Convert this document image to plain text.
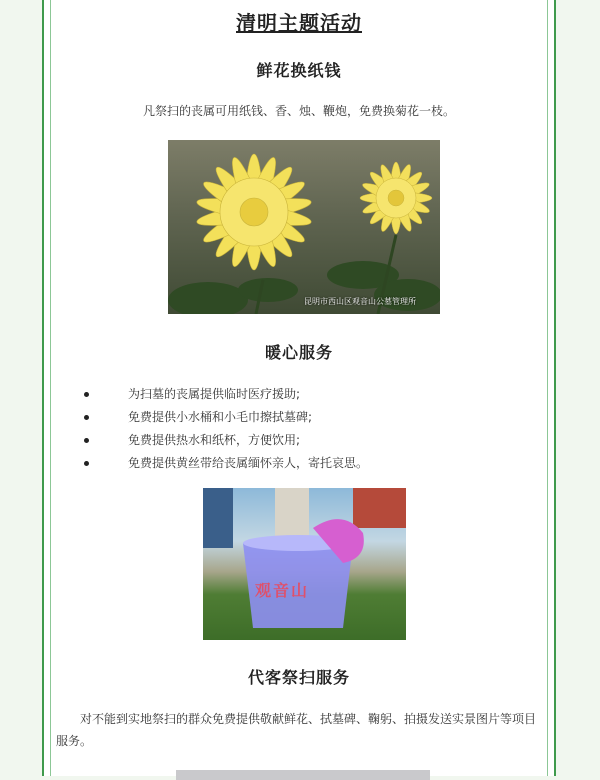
清明主题活动
鲜花换纸钱
凡祭扫的丧属可用纸钱、香、烛、鞭炮，免费换菊花一枝。
昆明市西山区观音山公墓管理所
暖心服务
为扫墓的丧属提供临时医疗援助;
免费提供小水桶和小毛巾擦拭墓碑;
免费提供热水和纸杯，方便饮用;
免费提供黄丝带给丧属缅怀亲人，寄托哀思。
观音山
代客祭扫服务
对不能到实地祭扫的群众免费提供敬献鲜花、拭墓碑、鞠躬、拍摄发送实景图片等项目服务。
